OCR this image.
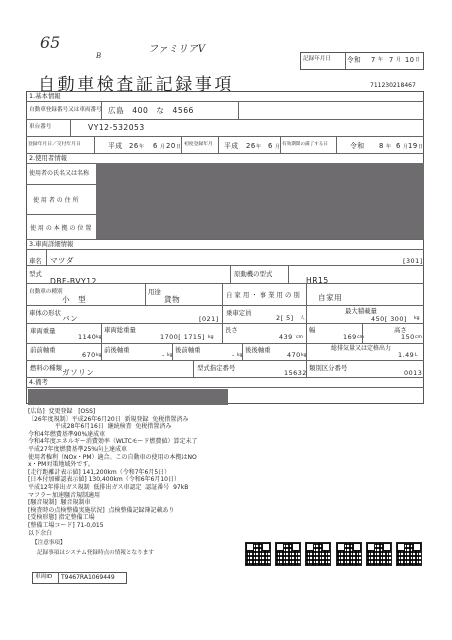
65
B
ファミリアV
記録年月日 令和 7 年 7 月 10 日
自動車検査証記録事項	711230218467
1.基本情報
自動車登録番号又は車両番号 広島　400　な　4566
車台番号	VY12-532053
登録年月日／交付年月日	平成 26 年 6 月 20 日 初度登録年月 平成 26 年 6 月 有効期間の満了する日	令和 8 年 6 月 19 日
2.使用者情報
使用者の氏名又は名称
使 用 者 の 住 所
使 用 の 本 拠 の 位 置
3.車両詳細情報
車名 マツダ	[301]
型式
DBF-BVY12
原動機の型式
HR15
自動車の種別
小　型
用途
貨物	自 家 用 ・ 事 業 用 の 別 自家用
車体の形状
バン	[021]
乗車定員
2[ 5] 人
最大積載量
450[ 300] kg
車両重量
1140 kg
車両総重量
1700[ 1715] kg
長さ
439 cm
幅
169 cm
高さ
150 cm
前前軸重
670 kg
前後軸重
- kg
後前軸重
- kg
後後軸重
470 kg
総排気量又は定格出力
1.49 L
燃料の種類 ガソリン	型式指定番号
15632
類別区分番号
0013
4.備考
[広島]  変更登録   [OSS]
〔26年度規制〕平成26年6月20日  新規登録  免税措置済み
平成28年6月16日  継続検査  免税措置済み
令和4年燃費基準90%達成車
令和4年度エネルギー消費効率（WLTCモード燃費値）算定未了
平成27年度燃費基準25%向上達成車
使用者権利（NOx・PM）適合。この自動車の使用の本拠はNO
x・PM対策地域外です。
[走行距離計表示値] 141,200km（令和7年6月5日）
[日本付加確認表示値] 130,400km（令和6年6月10日）
平成12年排出ガス規制  低排出ガス車認定  認証番号  97kB
マフラー加速騒音規制適用
[騒音規制]  騒音規制車
[検査時の点検整備実施状況]  点検整備記録簿記載あり
[受検形態] 指定整備工場
[整備工場コード] 71-0,015
以下余白
【注意事項】
記録事項はシステム登録時点の情報となります
車両ID T9467RA1069449
